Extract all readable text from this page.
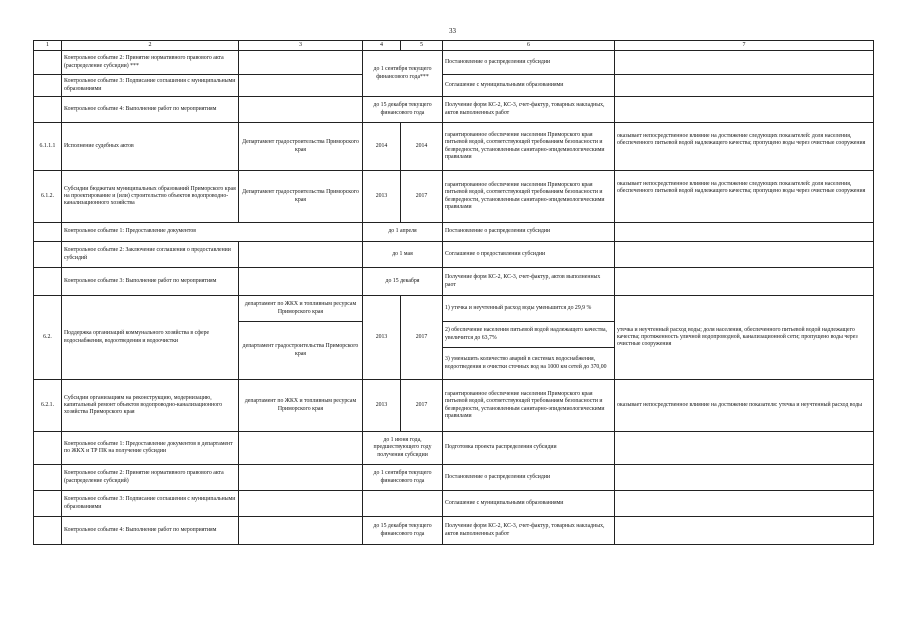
33
1	2	3	4	5	6	7
	Контрольное событие 2: Принятие нормативного правового акта (распределение субсидии) ***		до 1 сентября текущего финансового года***		Постановление о распределении субсидии	
	Контрольное событие 3: Подписание соглашения с муниципальными образованиями				Соглашение с муниципальными образованиями	
	Контрольное событие 4: Выполнение работ по мероприятиям		до 15 декабря текущего финансового года		Получение форм КС-2, КС-3, счет-фактур, товарных накладных, актов выполненных работ	
6.1.1.1	Исполнение судебных актов	Департамент градостроительства Приморского края	2014	2014	гарантированное обеспечение населения Приморского края питьевой водой, соответствующей требованиям безопасности и безвредности, установленным санитарно-эпидемиологическими правилами	оказывает непосредственное влияние на достижение следующих показателей: доля населения, обеспеченного питьевой водой надлежащего качества; пропущено воды через очистные сооружения
6.1.2.	Субсидии бюджетам муниципальных образований Приморского края на проектирование и (или) строительство объектов водопроводно-канализационного хозяйства	Департамент градостроительства Приморского края	2013	2017	гарантированное обеспечение населения Приморского края питьевой водой, соответствующей требованиям безопасности и безвредности, установленным санитарно-эпидемиологическими правилами	оказывает непосредственное влияние на достижение следующих показателей: доля населения, обеспеченного питьевой водой надлежащего качества; пропущено воды через очистные сооружения
	Контрольное событие 1: Предоставление документов		до 1 апреля		Постановление о распределении субсидии	
	Контрольное событие 2: Заключение соглашения о предоставлении субсидий		до 1 мая		Соглашение о предоставлении субсидии	
	Контрольное событие 3: Выполнение работ по мероприятиям		до 15 декабря		Получение форм КС-2, КС-3, счет-фактур, актов выполненных раот	
6.2.	Поддержка организаций коммунального хозяйства в сфере водоснабжения, водоотведения и водоочистки	департамент по ЖКХ и топливным ресурсам Приморского края	2013	2017	1) утечка и неучтенный расход воды уменьшится до 29,9 %	утечка и неучтенный расход воды; доля населения, обеспеченного питьевой водой надлежащего качества; протяженность уличной водопроводной, канализационной сети; пропущено воды через очистные сооружения
		департамент градостроительства Приморского края			2) обеспечение населения питьевой водой надлежащего качества, увеличится до 63,7%	
					3) уменьшить количество аварий в системах водоснабжения, водоотведения и очистки сточных вод на 1000 км сетей до 370,00	
6.2.1.	Субсидии организациям на реконструкцию, модернизацию, капитальный ремонт объектов водопроводно-канализационного хозяйства Приморского края	департамент по ЖКХ и топливным ресурсам Приморского края	2013	2017	гарантированное обеспечение населения Приморского края питьевой водой, соответствующей требованиям безопасности и безвредности, установленным санитарно-эпидемиологическими правилами	оказывает непосредственное влияние на достижение показателя: утечка и неучтенный расход воды
	Контрольное событие 1: Предоставление документов в департамент по ЖКХ и ТР ПК на получение субсидии		до 1 июня года, предшествующего году получения субсидии		Подготовка проекта распределения субсидии	
	Контрольное событие 2: Принятие нормативного правового акта (распределение субсидий)		до 1 сентября текущего финансового года		Постановление о распределении субсидии	
	Контрольное событие 3: Подписание соглашения с муниципальными образованиями				Соглашение с муниципальными образованиями	
	Контрольное событие 4: Выполнение работ по мероприятиям		до 15 декабря текущего финансового года		Получение форм КС-2, КС-3, счет-фактур, товарных накладных, актов выполненных работ	
